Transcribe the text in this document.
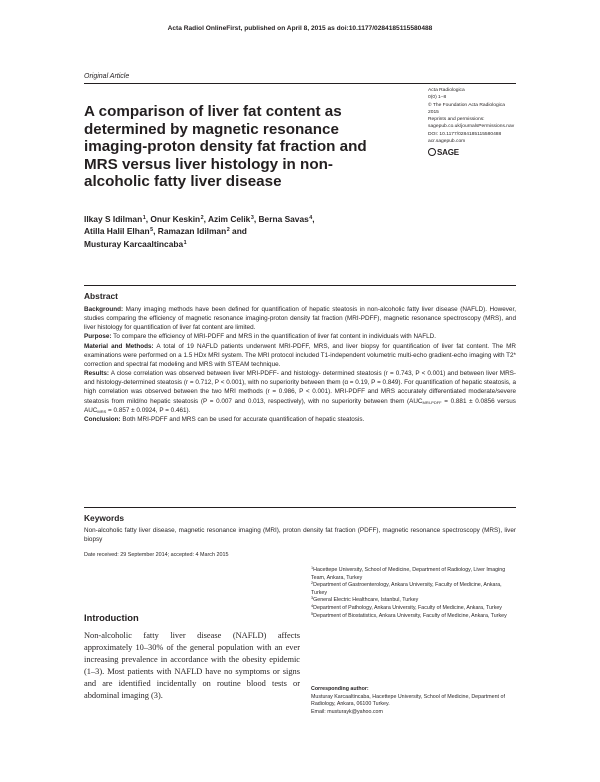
Acta Radiol OnlineFirst, published on April 8, 2015 as doi:10.1177/0284185115580488
Original Article
A comparison of liver fat content as determined by magnetic resonance imaging-proton density fat fraction and MRS versus liver histology in non-alcoholic fatty liver disease
Acta Radiologica
0(0) 1–8
© The Foundation Acta Radiologica
2015
Reprints and permissions:
sagepub.co.uk/journalsPermissions.nav
DOI: 10.1177/0284185115580488
acr.sagepub.com
SAGE
Ilkay S Idilman$^1$, Onur Keskin$^2$, Azim Celik$^3$, Berna Savas$^4$,
Atilla Halil Elhan$^5$, Ramazan Idilman$^2$ and
Musturay Karcaaltincaba$^1$
Abstract

Background: Many imaging methods have been defined for quantification of hepatic steatosis in non-alcoholic fatty liver disease (NAFLD). However, studies comparing the efficiency of magnetic resonance imaging-proton density fat fraction (MRI-PDFF), magnetic resonance spectroscopy (MRS), and liver histology for quantification of liver fat content are limited.

Purpose: To compare the efficiency of MRI-PDFF and MRS in the quantification of liver fat content in individuals with NAFLD.

Material and Methods: A total of 19 NAFLD patients underwent MRI-PDFF, MRS, and liver biopsy for quantification of liver fat content. The MR examinations were performed on a 1.5 HDx MRI system. The MRI protocol included T1-independent volumetric multi-echo gradient-echo imaging with T2* correction and spectral fat modeling and MRS with STEAM technique.

Results: A close correlation was observed between liver MRI-PDFF- and histology- determined steatosis (r = 0.743, P < 0.001) and between liver MRS- and histology-determined steatosis (r = 0.712, P < 0.001), with no superiority between them (ɑ = 0.19, P = 0.849). For quantification of hepatic steatosis, a high correlation was observed between the two MRI methods (r = 0.986, P < 0.001). MRI-PDFF and MRS accurately differentiated moderate/severe steatosis from mild/no hepatic steatosis (P = 0.007 and 0.013, respectively), with no superiority between them ($AUC_{MRI-PDFF} = 0.881 \pm 0.0856$ versus $AUC_{MRS} = 0.857 \pm 0.0924$, P = 0.461).

Conclusion: Both MRI-PDFF and MRS can be used for accurate quantification of hepatic steatosis.

Keywords
Non-alcoholic fatty liver disease, magnetic resonance imaging (MRI), proton density fat fraction (PDFF), magnetic resonance spectroscopy (MRS), liver biopsy
Date received: 29 September 2014; accepted: 4 March 2015
$^1$Hacettepe University, School of Medicine, Department of Radiology, Liver Imaging Team, Ankara, Turkey
$^2$Department of Gastroenterology, Ankara University, Faculty of Medicine, Ankara, Turkey
$^3$General Electric Healthcare, Istanbul, Turkey
$^4$Department of Pathology, Ankara University, Faculty of Medicine, Ankara, Turkey
$^5$Department of Biostatistics, Ankara University, Faculty of Medicine, Ankara, Turkey
Corresponding author:
Musturay Karcaaltincaba, Hacettepe University, School of Medicine, Department of Radiology, Ankara, 06100 Turkey.
Email: musturayk@yahoo.com
Introduction

Non-alcoholic fatty liver disease (NAFLD) affects approximately 10–30% of the general population with an ever increasing prevalence in accordance with the obesity epidemic (1–3). Most patients with NAFLD have no symptoms or signs and are identified incidentally on routine blood tests or abdominal imaging (3).
